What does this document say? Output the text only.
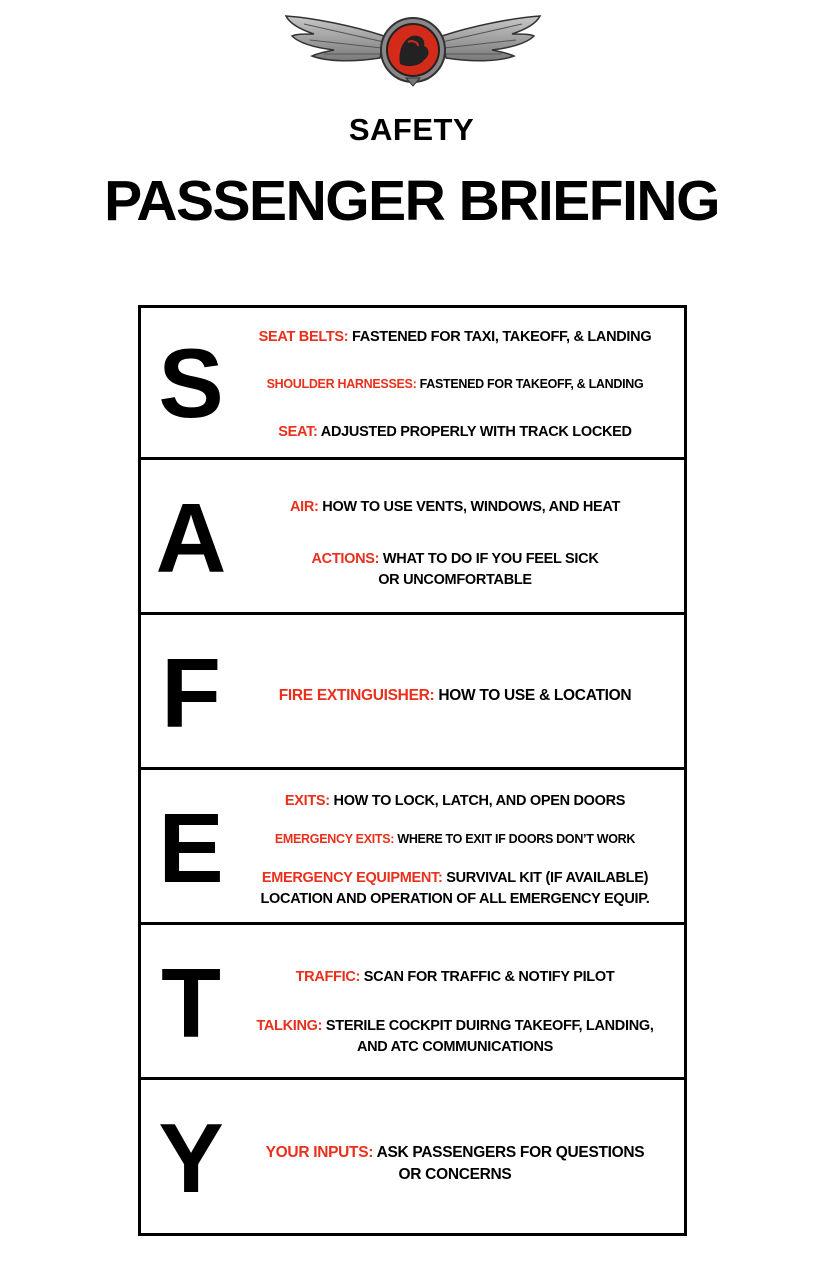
SAFETY
PASSENGER BRIEFING
S	SEAT BELTS: FASTENED FOR TAXI, TAKEOFF, & LANDING
SHOULDER HARNESSES: FASTENED FOR TAKEOFF, & LANDING
SEAT: ADJUSTED PROPERLY WITH TRACK LOCKED
A	AIR: HOW TO USE VENTS, WINDOWS, AND HEAT
ACTIONS: WHAT TO DO IF YOU FEEL SICK
OR UNCOMFORTABLE
F	FIRE EXTINGUISHER: HOW TO USE & LOCATION
E	EXITS: HOW TO LOCK, LATCH, AND OPEN DOORS
EMERGENCY EXITS: WHERE TO EXIT IF DOORS DON’T WORK
EMERGENCY EQUIPMENT: SURVIVAL KIT (IF AVAILABLE)
LOCATION AND OPERATION OF ALL EMERGENCY EQUIP.
T	TRAFFIC: SCAN FOR TRAFFIC & NOTIFY PILOT
TALKING: STERILE COCKPIT DUIRNG TAKEOFF, LANDING,
AND ATC COMMUNICATIONS
Y	YOUR INPUTS: ASK PASSENGERS FOR QUESTIONS
OR CONCERNS
